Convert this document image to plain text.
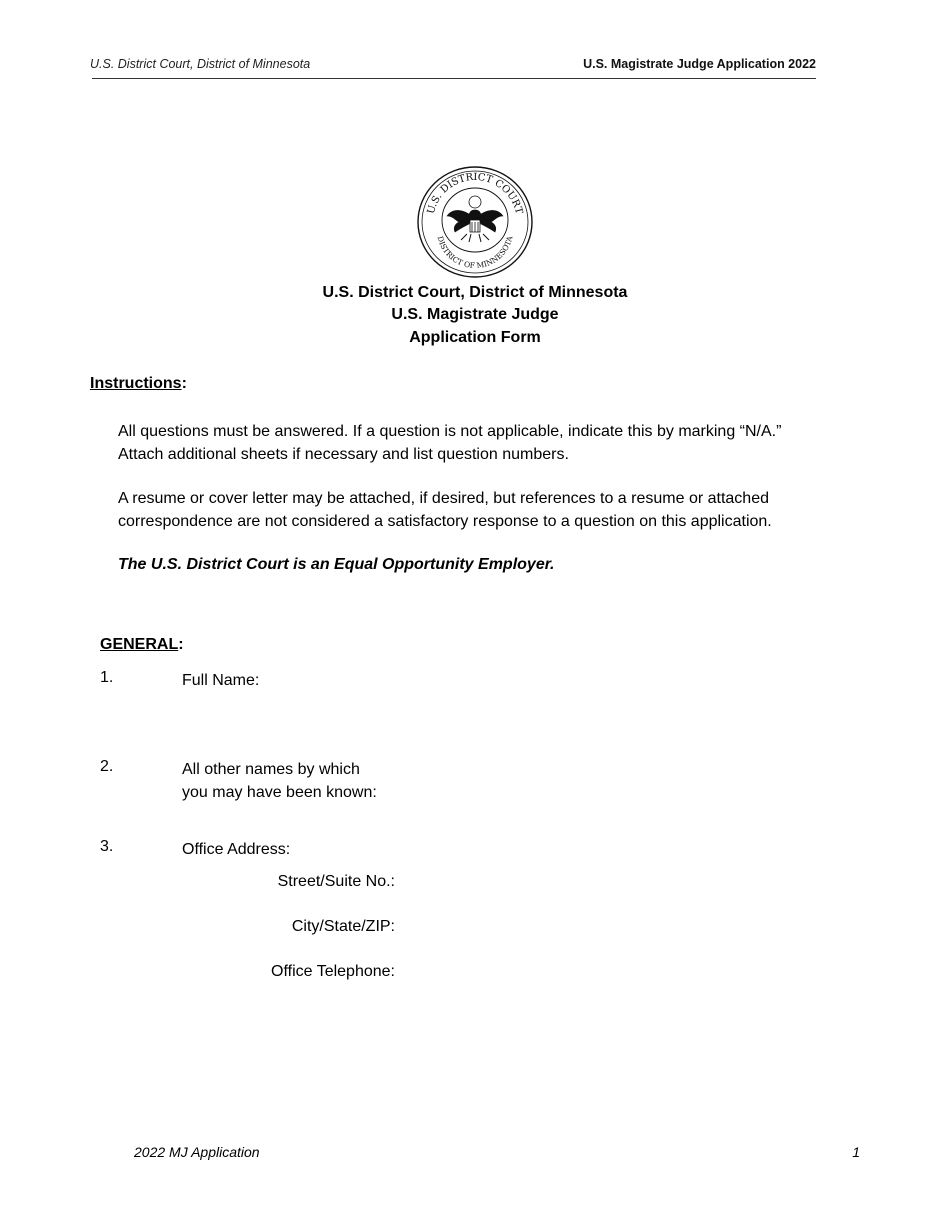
U.S. District Court, District of Minnesota	U.S. Magistrate Judge Application 2022
U.S. DISTRICT COURT
DISTRICT OF MINNESOTA
U.S. District Court, District of Minnesota
U.S. Magistrate Judge
Application Form
Instructions:
All questions must be answered. If a question is not applicable, indicate this by marking “N/A.”
Attach additional sheets if necessary and list question numbers.
A resume or cover letter may be attached, if desired, but references to a resume or attached
correspondence are not considered a satisfactory response to a question on this application.
The U.S. District Court is an Equal Opportunity Employer.
GENERAL:
1.	Full Name:
2.	All other names by which
you may have been known:
3.	Office Address:
Street/Suite No.:
City/State/ZIP:
Office Telephone:
2022 MJ Application	1
